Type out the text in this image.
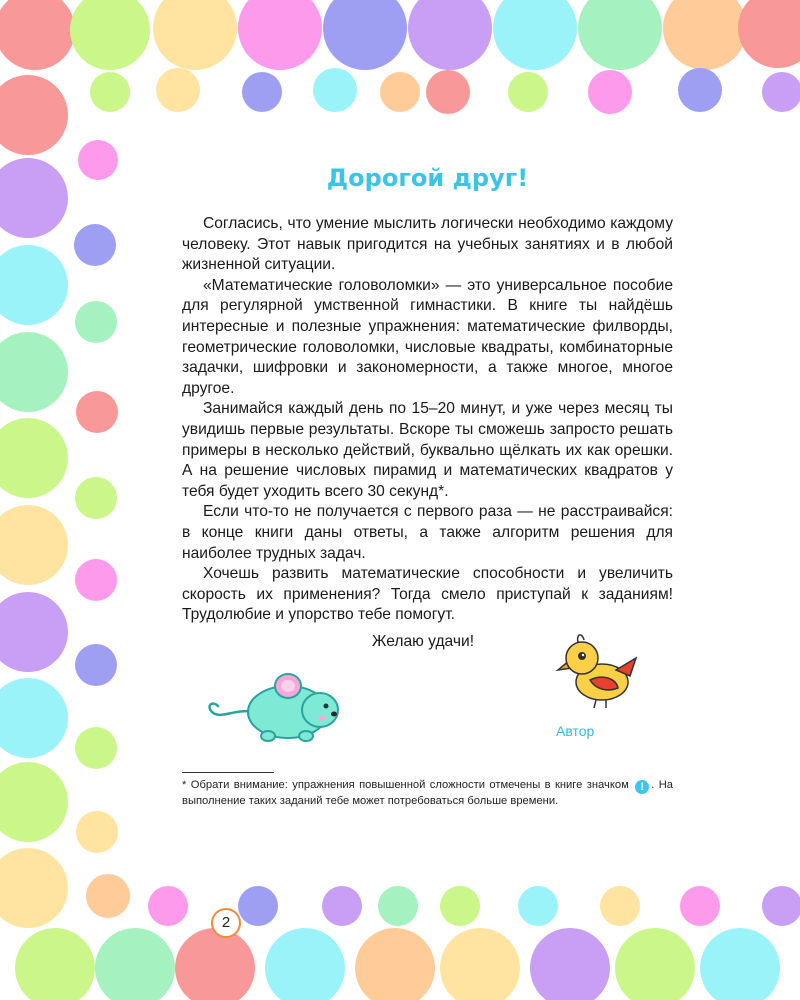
Дорогой друг!

Согласись, что умение мыслить логически необходимо каждому человеку. Этот навык пригодится на учебных занятиях и в любой жизненной ситуации.

«Математические головоломки» — это универсальное пособие для регулярной умственной гимнастики. В книге ты найдёшь интересные и полезные упражнения: математические филворды, геометрические головоломки, числовые квадраты, комбинаторные задачки, шифровки и закономерности, а также многое, многое другое.

Занимайся каждый день по 15–20 минут, и уже через месяц ты увидишь первые результаты. Вскоре ты сможешь запросто решать примеры в несколько действий, буквально щёлкать их как орешки. А на решение числовых пирамид и математических квадратов у тебя будет уходить всего 30 секунд*.

Если что-то не получается с первого раза — не расстраивайся: в конце книги даны ответы, а также алгоритм решения для наиболее трудных задач.

Хочешь развить математические способности и увеличить скорость их применения? Тогда смело приступай к заданиям! Трудолюбие и упорство тебе помогут.

Желаю удачи!
Автор
* Обрати внимание: упражнения повышенной сложности отмечены в книге значком ! . На выполнение таких заданий тебе может потребоваться больше времени.
2
